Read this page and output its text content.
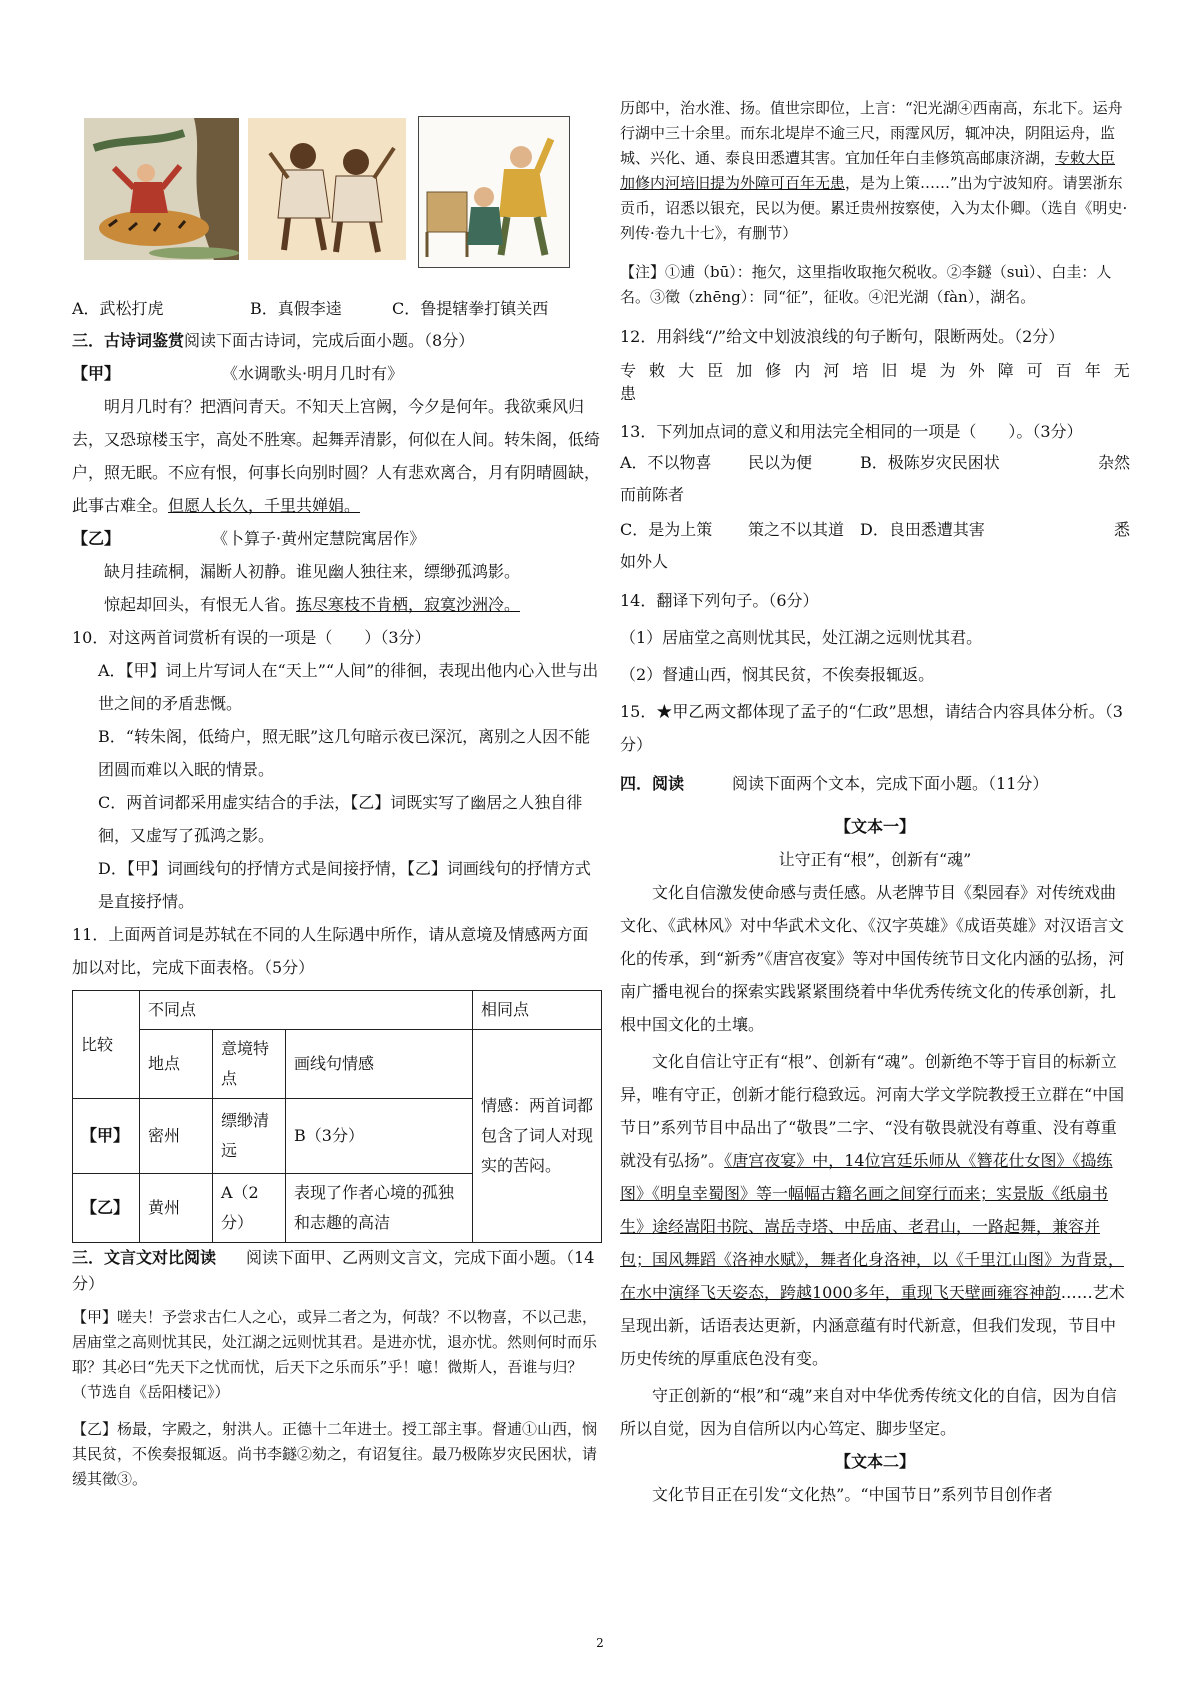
A．武松打虎	B．真假李逵	C．鲁提辖拳打镇关西

三．古诗词鉴赏阅读下面古诗词，完成后面小题。（8分）

【甲】	《水调歌头·明月几时有》

明月几时有？把酒问青天。不知天上宫阙，今夕是何年。我欲乘风归去，又恐琼楼玉宇，高处不胜寒。起舞弄清影，何似在人间。转朱阁，低绮户，照无眠。不应有恨，何事长向别时圆？人有悲欢离合，月有阴晴圆缺，此事古难全。但愿人长久，千里共婵娟。

【乙】	《卜算子·黄州定慧院寓居作》

缺月挂疏桐，漏断人初静。谁见幽人独往来，缥缈孤鸿影。

惊起却回头，有恨无人省。拣尽寒枝不肯栖，寂寞沙洲冷。

10．对这两首词赏析有误的一项是（　　）（3分）

A．【甲】词上片写词人在“天上”“人间”的徘徊，表现出他内心入世与出世之间的矛盾悲慨。

B．“转朱阁，低绮户，照无眠”这几句暗示夜已深沉，离别之人因不能团圆而难以入眠的情景。

C．两首词都采用虚实结合的手法，【乙】词既实写了幽居之人独自徘徊，又虚写了孤鸿之影。

D．【甲】词画线句的抒情方式是间接抒情，【乙】词画线句的抒情方式是直接抒情。

11．上面两首词是苏轼在不同的人生际遇中所作，请从意境及情感两方面加以对比，完成下面表格。（5分）

比较	不同点			相同点
	地点	意境特点	画线句情感	情感：两首词都包含了词人对现实的苦闷。
【甲】	密州	缥缈清远	B（3分）	
【乙】	黄州	A（2分）	表现了作者心境的孤独和志趣的高洁	

三．文言文对比阅读 阅读下面甲、乙两则文言文，完成下面小题。（14分）

【甲】嗟夫！予尝求古仁人之心，或异二者之为，何哉？不以物喜，不以己悲，居庙堂之高则忧其民，处江湖之远则忧其君。是进亦忧，退亦忧。然则何时而乐耶？其必曰“先天下之忧而忧，后天下之乐而乐”乎！噫！微斯人，吾谁与归？（节选自《岳阳楼记》）

【乙】杨最，字殿之，射洪人。正德十二年进士。授工部主事。督逋①山西，悯其民贫，不俟奏报辄返。尚书李鐩②劾之，有诏复往。最乃极陈岁灾民困状，请缓其徵③。

历郎中，治水淮、扬。值世宗即位，上言：“汜光湖④西南高，东北下。运舟行湖中三十余里。而东北堤岸不逾三尺，雨霪风厉，辄冲决，阴阻运舟，监城、兴化、通、泰良田悉遭其害。宜加任年白圭修筑高邮康济湖，专敕大臣加修内河培旧提为外障可百年无患，是为上策……”出为宁波知府。请罢浙东贡币，诏悉以银充，民以为便。累迁贵州按察使，入为太仆卿。（选自《明史·列传·卷九十七》，有删节）

【注】①逋（bū）：拖欠，这里指收取拖欠税收。②李鐩（suì）、白圭：人名。③徵（zhēng）：同“征”，征收。④汜光湖（fàn），湖名。

12．用斜线“/”给文中划波浪线的句子断句，限断两处。（2分）

专 敕 大 臣 加 修 内 河 培 旧 堤 为 外 障 可 百 年 无

患

13．下列加点词的意义和用法完全相同的一项是（　　）。（3分）

A．不以物喜	民以为便	B．极陈岁灾民困状	杂然

而前陈者

C．是为上策	策之不以其道 D．良田悉遭其害	悉

如外人

14．翻译下列句子。（6分）

（1）居庙堂之高则忧其民，处江湖之远则忧其君。

（2）督逋山西，悯其民贫，不俟奏报辄返。

15．★甲乙两文都体现了孟子的“仁政”思想，请结合内容具体分析。（3分）

四．阅读	阅读下面两个文本，完成下面小题。（11分）

【文本一】

让守正有“根”，创新有“魂”

文化自信激发使命感与责任感。从老牌节目《梨园春》对传统戏曲文化、《武林风》对中华武术文化、《汉字英雄》《成语英雄》对汉语言文化的传承，到“新秀”《唐宫夜宴》等对中国传统节日文化内涵的弘扬，河南广播电视台的探索实践紧紧围绕着中华优秀传统文化的传承创新，扎根中国文化的土壤。

文化自信让守正有“根”、创新有“魂”。创新绝不等于盲目的标新立异，唯有守正，创新才能行稳致远。河南大学文学院教授王立群在“中国节日”系列节目中品出了“敬畏”二字、“没有敬畏就没有尊重、没有尊重就没有弘扬”。《唐宫夜宴》中，14位宫廷乐师从《簪花仕女图》《捣练图》《明皇幸蜀图》等一幅幅古籍名画之间穿行而来；实景版《纸扇书生》途经嵩阳书院、嵩岳寺塔、中岳庙、老君山，一路起舞，兼容并包；国风舞蹈《洛神水赋》，舞者化身洛神，以《千里江山图》为背景，在水中演绎飞天姿态，跨越1000多年，重现飞天壁画雍容神韵……艺术呈现出新，话语表达更新，内涵意蕴有时代新意，但我们发现，节目中历史传统的厚重底色没有变。

守正创新的“根”和“魂”来自对中华优秀传统文化的自信，因为自信所以自觉，因为自信所以内心笃定、脚步坚定。

【文本二】

文化节目正在引发“文化热”。“中国节日”系列节目创作者

2
